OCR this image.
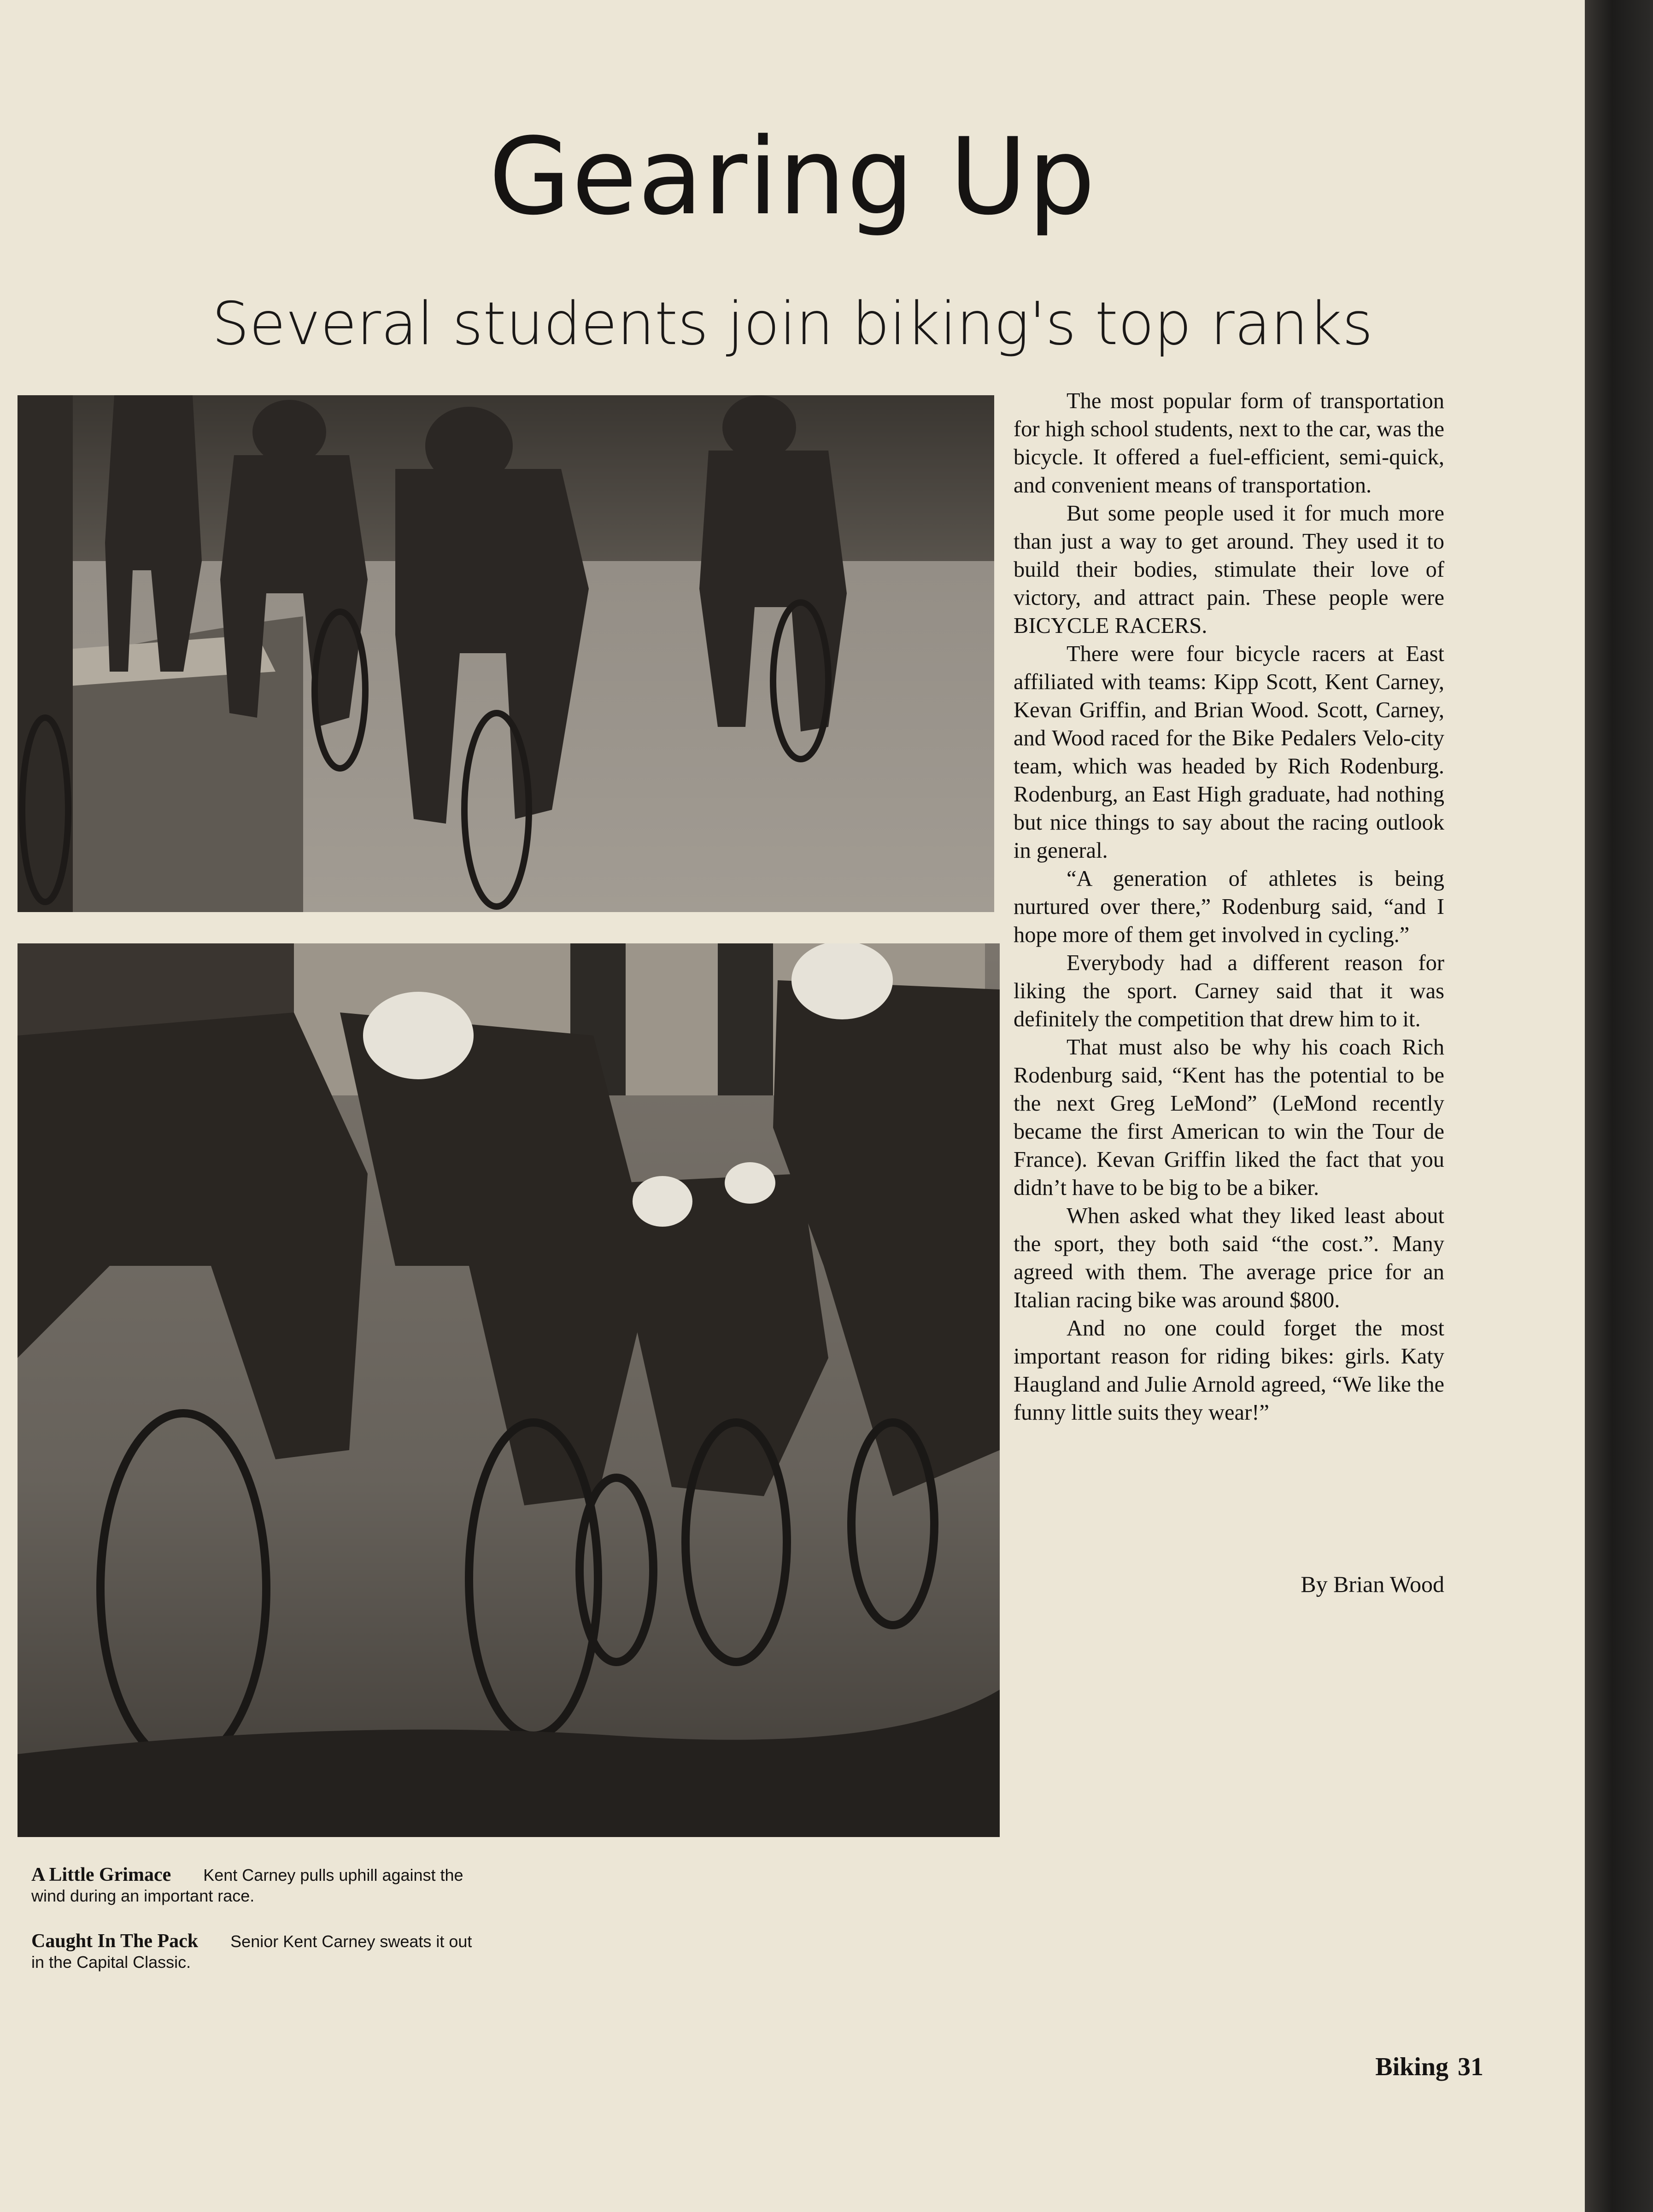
Gearing Up
Several students join biking's top ranks

A Little Grimace Kent Carney pulls uphill against the wind during an important race.

Caught In The Pack Senior Kent Carney sweats it out in the Capital Classic.

The most popular form of transportation for high school students, next to the car, was the bicycle. It offered a fuel-efficient, semi-quick, and convenient means of transportation.

But some people used it for much more than just a way to get around. They used it to build their bodies, stimulate their love of victory, and attract pain. These people were BICYCLE RACERS.

There were four bicycle racers at East affiliated with teams: Kipp Scott, Kent Carney, Kevan Griffin, and Brian Wood. Scott, Carney, and Wood raced for the Bike Pedalers Velo-city team, which was headed by Rich Rodenburg. Rodenburg, an East High graduate, had nothing but nice things to say about the racing outlook in general.

“A generation of athletes is being nurtured over there,” Rodenburg said, “and I hope more of them get involved in cycling.”

Everybody had a different reason for liking the sport. Carney said that it was definitely the competition that drew him to it.

That must also be why his coach Rich Rodenburg said, “Kent has the potential to be the next Greg LeMond” (LeMond recently became the first American to win the Tour de France). Kevan Griffin liked the fact that you didn’t have to be big to be a biker.

When asked what they liked least about the sport, they both said “the cost.”. Many agreed with them. The average price for an Italian racing bike was around $800.

And no one could forget the most important reason for riding bikes: girls. Katy Haugland and Julie Arnold agreed, “We like the funny little suits they wear!”

By Brian Wood

Biking 31
